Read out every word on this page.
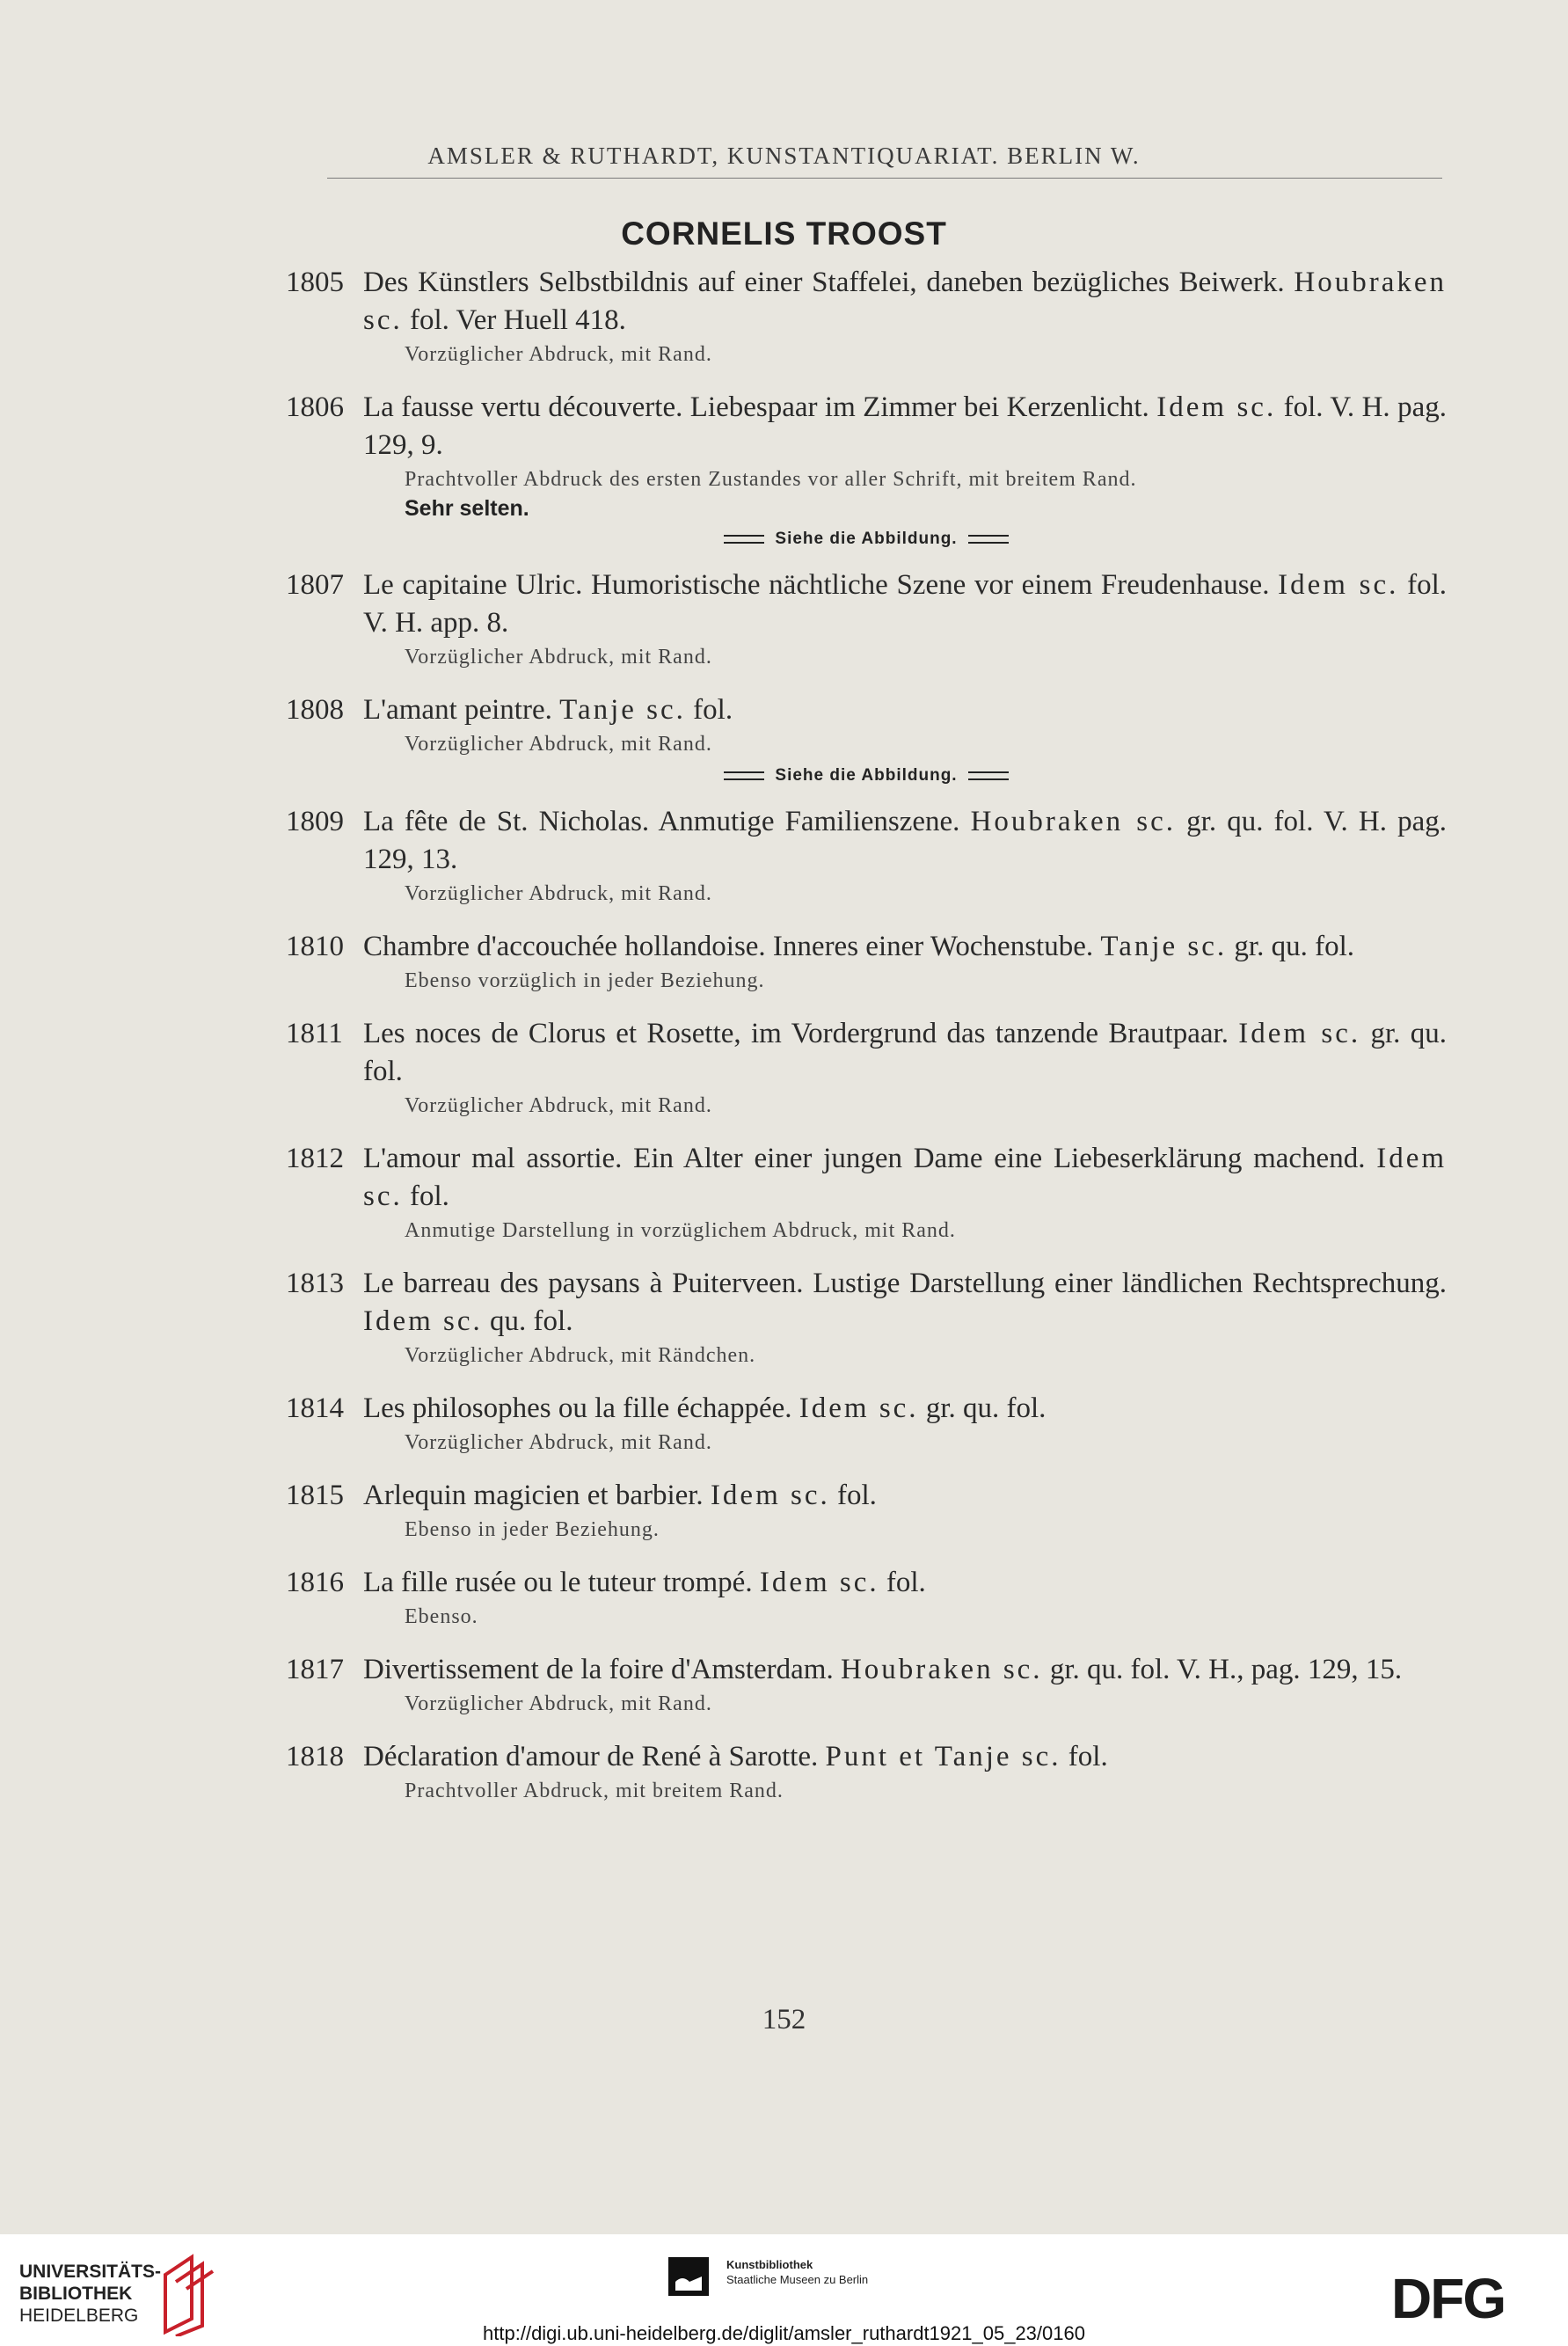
AMSLER & RUTHARDT, KUNSTANTIQUARIAT. BERLIN W.
CORNELIS TROOST
1805 Des Künstlers Selbstbildnis auf einer Staffelei, daneben bezügliches Beiwerk. Houbraken sc. fol. Ver Huell 418.
Vorzüglicher Abdruck, mit Rand.
1806 La fausse vertu découverte. Liebespaar im Zimmer bei Kerzenlicht. Idem sc. fol. V. H. pag. 129, 9.
Prachtvoller Abdruck des ersten Zustandes vor aller Schrift, mit breitem Rand.
Sehr selten.
Siehe die Abbildung.
1807 Le capitaine Ulric. Humoristische nächtliche Szene vor einem Freudenhause. Idem sc. fol. V. H. app. 8.
Vorzüglicher Abdruck, mit Rand.
1808 L'amant peintre. Tanje sc. fol.
Vorzüglicher Abdruck, mit Rand.
Siehe die Abbildung.
1809 La fête de St. Nicholas. Anmutige Familienszene. Houbraken sc. gr. qu. fol. V. H. pag. 129, 13.
Vorzüglicher Abdruck, mit Rand.
1810 Chambre d'accouchée hollandoise. Inneres einer Wochenstube. Tanje sc. gr. qu. fol.
Ebenso vorzüglich in jeder Beziehung.
1811 Les noces de Clorus et Rosette, im Vordergrund das tanzende Brautpaar. Idem sc. gr. qu. fol.
Vorzüglicher Abdruck, mit Rand.
1812 L'amour mal assortie. Ein Alter einer jungen Dame eine Liebeserklärung machend. Idem sc. fol.
Anmutige Darstellung in vorzüglichem Abdruck, mit Rand.
1813 Le barreau des paysans à Puiterveen. Lustige Darstellung einer ländlichen Rechtsprechung. Idem sc. qu. fol.
Vorzüglicher Abdruck, mit Rändchen.
1814 Les philosophes ou la fille échappée. Idem sc. gr. qu. fol.
Vorzüglicher Abdruck, mit Rand.
1815 Arlequin magicien et barbier. Idem sc. fol.
Ebenso in jeder Beziehung.
1816 La fille rusée ou le tuteur trompé. Idem sc. fol.
Ebenso.
1817 Divertissement de la foire d'Amsterdam. Houbraken sc. gr. qu. fol. V. H., pag. 129, 15.
Vorzüglicher Abdruck, mit Rand.
1818 Déclaration d'amour de René à Sarotte. Punt et Tanje sc. fol.
Prachtvoller Abdruck, mit breitem Rand.
152
UNIVERSITÄTS-
BIBLIOTHEK
HEIDELBERG
Kunstbibliothek
Staatliche Museen zu Berlin	DFG
http://digi.ub.uni-heidelberg.de/diglit/amsler_ruthardt1921_05_23/0160
